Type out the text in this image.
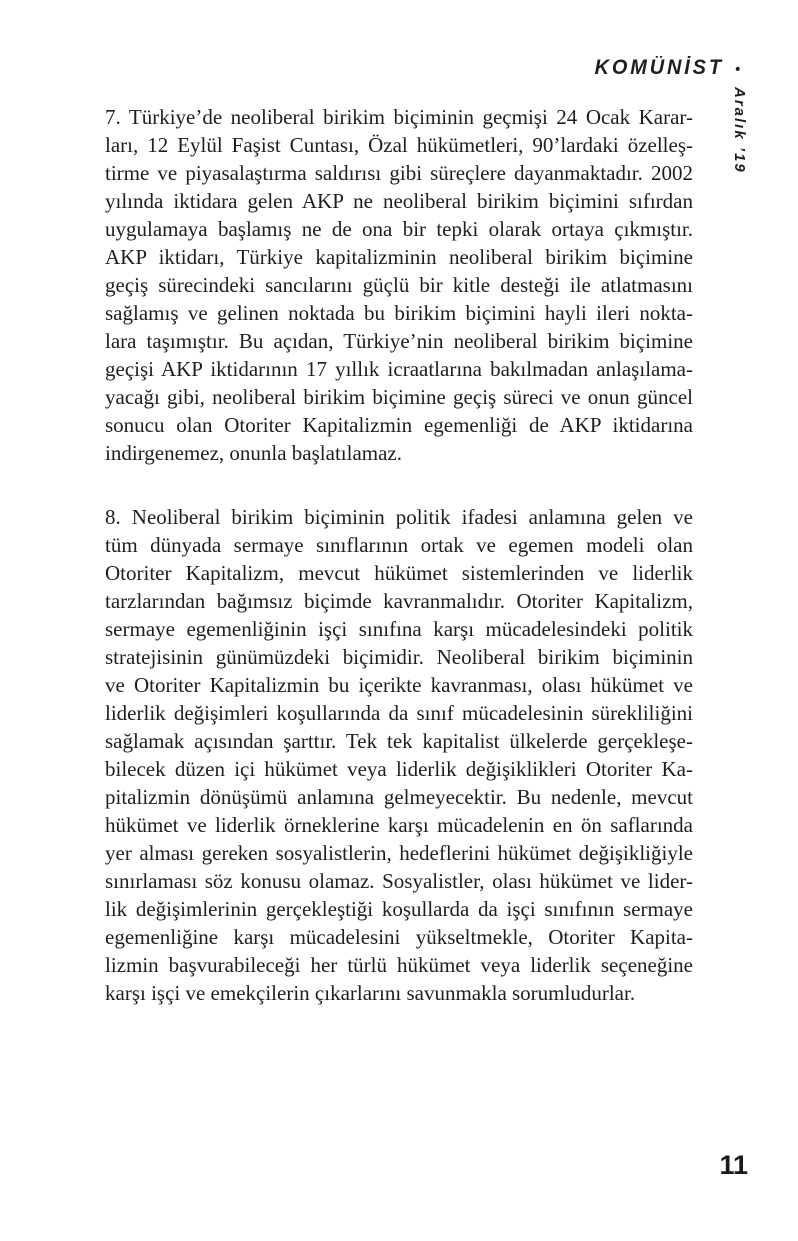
KOMÜNİST •
Aralık ’19
7. Türkiye’de neoliberal birikim biçiminin geçmişi 24 Ocak Karar-
ları, 12 Eylül Faşist Cuntası, Özal hükümetleri, 90’lardaki özelleş-
tirme ve piyasalaştırma saldırısı gibi süreçlere dayanmaktadır. 2002
yılında iktidara gelen AKP ne neoliberal birikim biçimini sıfırdan
uygulamaya başlamış ne de ona bir tepki olarak ortaya çıkmıştır.
AKP iktidarı, Türkiye kapitalizminin neoliberal birikim biçimine
geçiş sürecindeki sancılarını güçlü bir kitle desteği ile atlatmasını
sağlamış ve gelinen noktada bu birikim biçimini hayli ileri nokta-
lara taşımıştır. Bu açıdan, Türkiye’nin neoliberal birikim biçimine
geçişi AKP iktidarının 17 yıllık icraatlarına bakılmadan anlaşılama-
yacağı gibi, neoliberal birikim biçimine geçiş süreci ve onun güncel
sonucu olan Otoriter Kapitalizmin egemenliği de AKP iktidarına
indirgenemez, onunla başlatılamaz.
8. Neoliberal birikim biçiminin politik ifadesi anlamına gelen ve
tüm dünyada sermaye sınıflarının ortak ve egemen modeli olan
Otoriter Kapitalizm, mevcut hükümet sistemlerinden ve liderlik
tarzlarından bağımsız biçimde kavranmalıdır. Otoriter Kapitalizm,
sermaye egemenliğinin işçi sınıfına karşı mücadelesindeki politik
stratejisinin günümüzdeki biçimidir. Neoliberal birikim biçiminin
ve Otoriter Kapitalizmin bu içerikte kavranması, olası hükümet ve
liderlik değişimleri koşullarında da sınıf mücadelesinin sürekliliğini
sağlamak açısından şarttır. Tek tek kapitalist ülkelerde gerçekleşe-
bilecek düzen içi hükümet veya liderlik değişiklikleri Otoriter Ka-
pitalizmin dönüşümü anlamına gelmeyecektir. Bu nedenle, mevcut
hükümet ve liderlik örneklerine karşı mücadelenin en ön saflarında
yer alması gereken sosyalistlerin, hedeflerini hükümet değişikliğiyle
sınırlaması söz konusu olamaz. Sosyalistler, olası hükümet ve lider-
lik değişimlerinin gerçekleştiği koşullarda da işçi sınıfının sermaye
egemenliğine karşı mücadelesini yükseltmekle, Otoriter Kapita-
lizmin başvurabileceği her türlü hükümet veya liderlik seçeneğine
karşı işçi ve emekçilerin çıkarlarını savunmakla sorumludurlar.
11
